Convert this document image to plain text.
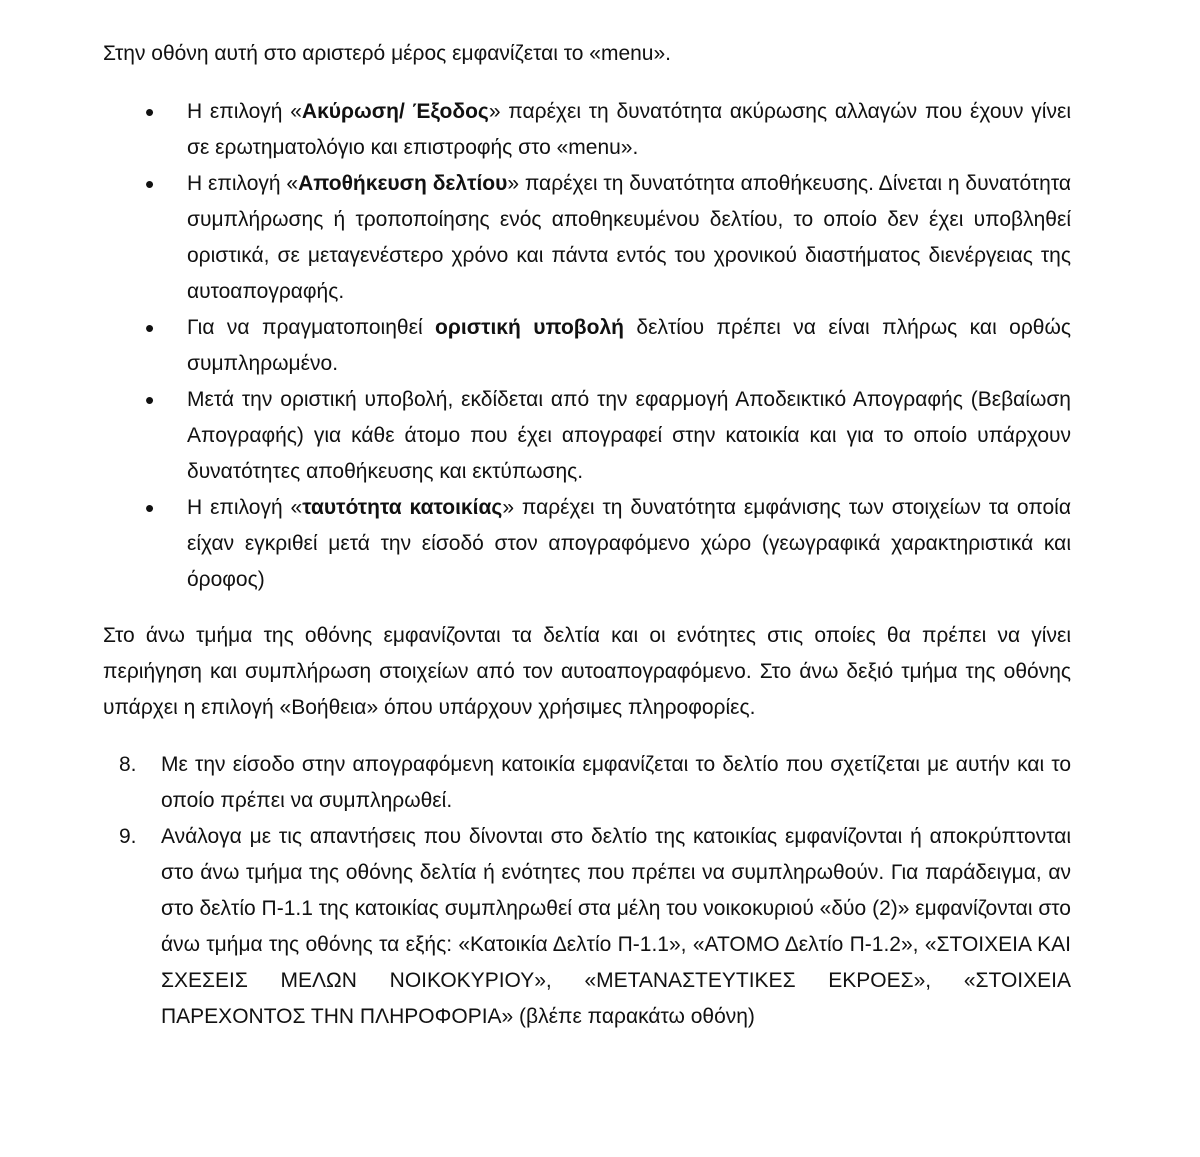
Στην οθόνη αυτή στο αριστερό μέρος εμφανίζεται το «menu».

• Η επιλογή «Ακύρωση/ Έξοδος» παρέχει τη δυνατότητα ακύρωσης αλλαγών που έχουν γίνει σε ερωτηματολόγιο και επιστροφής στο «menu».
• Η επιλογή «Αποθήκευση δελτίου» παρέχει τη δυνατότητα αποθήκευσης. Δίνεται η δυνατότητα συμπλήρωσης ή τροποποίησης ενός αποθηκευμένου δελτίου, το οποίο δεν έχει υποβληθεί οριστικά, σε μεταγενέστερο χρόνο και πάντα εντός του χρονικού διαστήματος διενέργειας της αυτοαπογραφής.
• Για να πραγματοποιηθεί οριστική υποβολή δελτίου πρέπει να είναι πλήρως και ορθώς συμπληρωμένο.
• Μετά την οριστική υποβολή, εκδίδεται από την εφαρμογή Αποδεικτικό Απογραφής (Βεβαίωση Απογραφής) για κάθε άτομο που έχει απογραφεί στην κατοικία και για το οποίο υπάρχουν δυνατότητες αποθήκευσης και εκτύπωσης.
• Η επιλογή «ταυτότητα κατοικίας» παρέχει τη δυνατότητα εμφάνισης των στοιχείων τα οποία είχαν εγκριθεί μετά την είσοδό στον απογραφόμενο χώρο (γεωγραφικά χαρακτηριστικά και όροφος)

Στο άνω τμήμα της οθόνης εμφανίζονται τα δελτία και οι ενότητες στις οποίες θα πρέπει να γίνει περιήγηση και συμπλήρωση στοιχείων από τον αυτοαπογραφόμενο. Στο άνω δεξιό τμήμα της οθόνης υπάρχει η επιλογή «Βοήθεια» όπου υπάρχουν χρήσιμες πληροφορίες.

8. Με την είσοδο στην απογραφόμενη κατοικία εμφανίζεται το δελτίο που σχετίζεται με αυτήν και το οποίο πρέπει να συμπληρωθεί.
9. Ανάλογα με τις απαντήσεις που δίνονται στο δελτίο της κατοικίας εμφανίζονται ή αποκρύπτονται στο άνω τμήμα της οθόνης δελτία ή ενότητες που πρέπει να συμπληρωθούν. Για παράδειγμα, αν στο δελτίο Π-1.1 της κατοικίας συμπληρωθεί στα μέλη του νοικοκυριού «δύο (2)» εμφανίζονται στο άνω τμήμα της οθόνης τα εξής: «Κατοικία Δελτίο Π-1.1», «ΑΤΟΜΟ Δελτίο Π-1.2», «ΣΤΟΙΧΕΙΑ ΚΑΙ ΣΧΕΣΕΙΣ ΜΕΛΩΝ ΝΟΙΚΟΚΥΡΙΟΥ», «ΜΕΤΑΝΑΣΤΕΥΤΙΚΕΣ ΕΚΡΟΕΣ», «ΣΤΟΙΧΕΙΑ ΠΑΡΕΧΟΝΤΟΣ ΤΗΝ ΠΛΗΡΟΦΟΡΙΑ» (βλέπε παρακάτω οθόνη)
